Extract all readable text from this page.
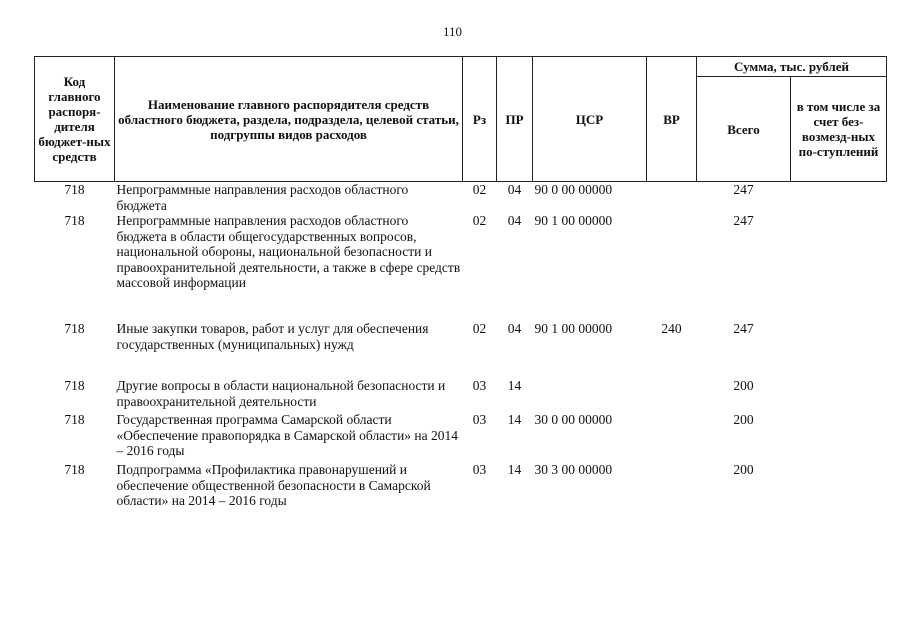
110
Код главного распоря-дителя бюджет-ных средств	Наименование главного распорядителя средств областного бюджета, раздела, подраздела, целевой статьи, подгруппы видов расходов	Рз	ПР	ЦСР	ВР	Сумма, тыс. рублей	
						Всего	в том числе за счет без-возмезд-ных по-ступлений
718	Непрограммные направления расходов областного бюджета	02	04	90 0 00 00000		247	
718	Непрограммные направления расходов областного бюджета в области общегосударственных вопросов, национальной обороны, национальной безопасности и правоохранительной деятельности, а также в сфере средств массовой информации	02	04	90 1 00 00000		247	
718	Иные закупки товаров, работ и услуг для обеспечения государственных (муниципальных) нужд	02	04	90 1 00 00000	240	247	
718	Другие вопросы в области национальной безопасности и правоохранительной деятельности	03	14			200	
718	Государственная программа Самарской области «Обеспечение правопорядка в Самарской области» на 2014 – 2016 годы	03	14	30 0 00 00000		200	
718	Подпрограмма «Профилактика правонарушений и обеспечение общественной безопасности в Самарской области» на 2014 – 2016 годы	03	14	30 3 00 00000		200	
